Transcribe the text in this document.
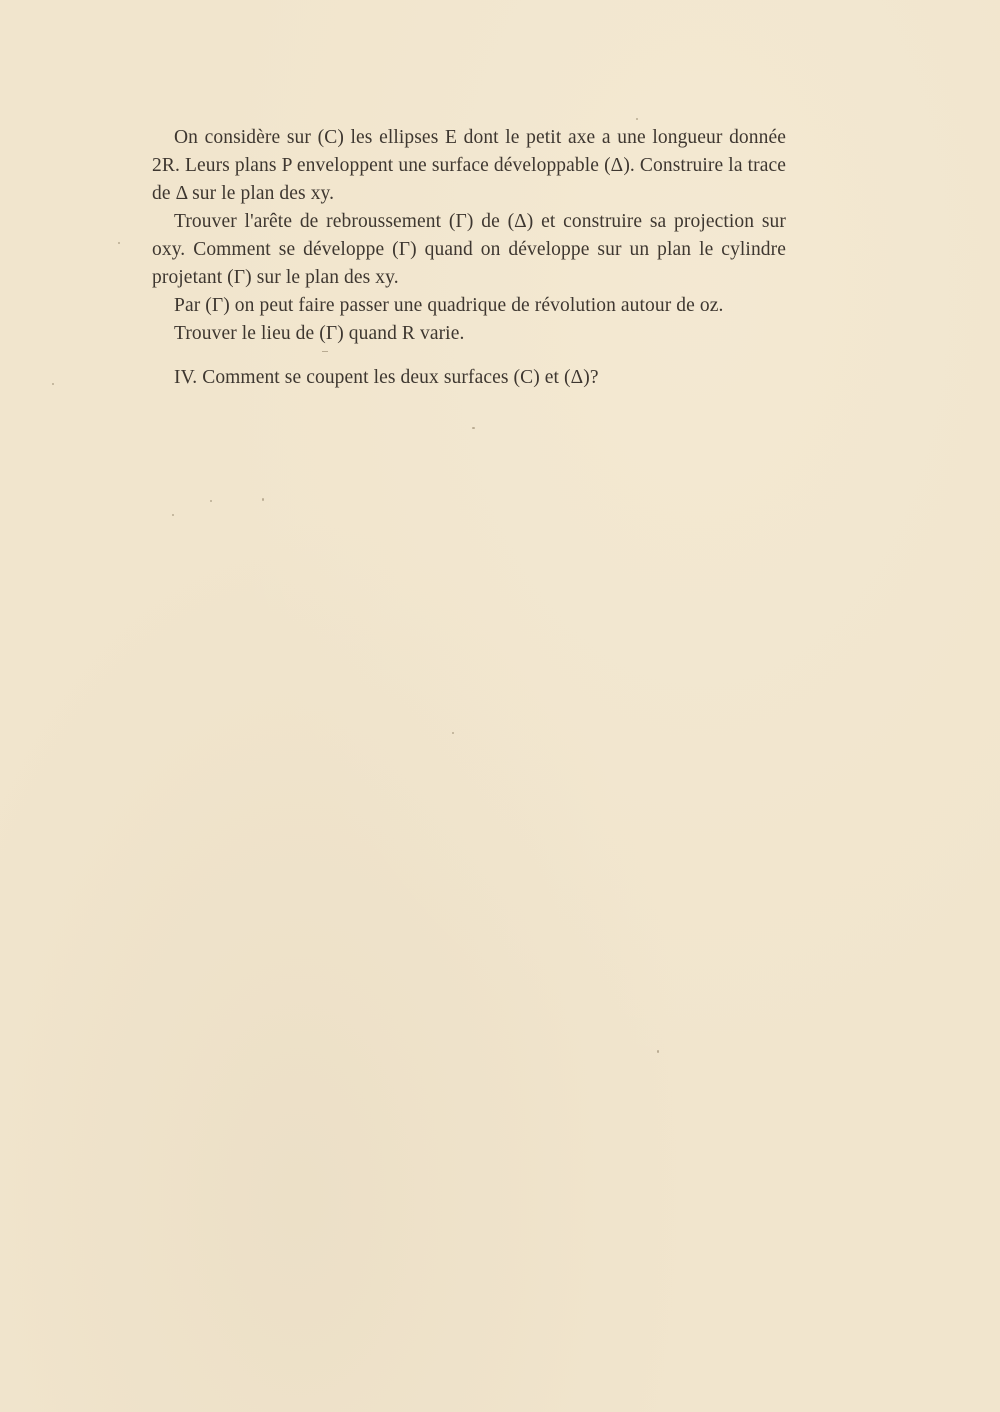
On considère sur (C) les ellipses E dont le petit axe a une longueur donnée 2R. Leurs plans P enveloppent une surface développable (Δ). Construire la trace de Δ sur le plan des xy.

Trouver l'arête de rebroussement (Γ) de (Δ) et construire sa projection sur oxy. Comment se développe (Γ) quand on développe sur un plan le cylindre projetant (Γ) sur le plan des xy.

Par (Γ) on peut faire passer une quadrique de révolution autour de oz.

Trouver le lieu de (Γ) quand R varie.

IV. Comment se coupent les deux surfaces (C) et (Δ)?
